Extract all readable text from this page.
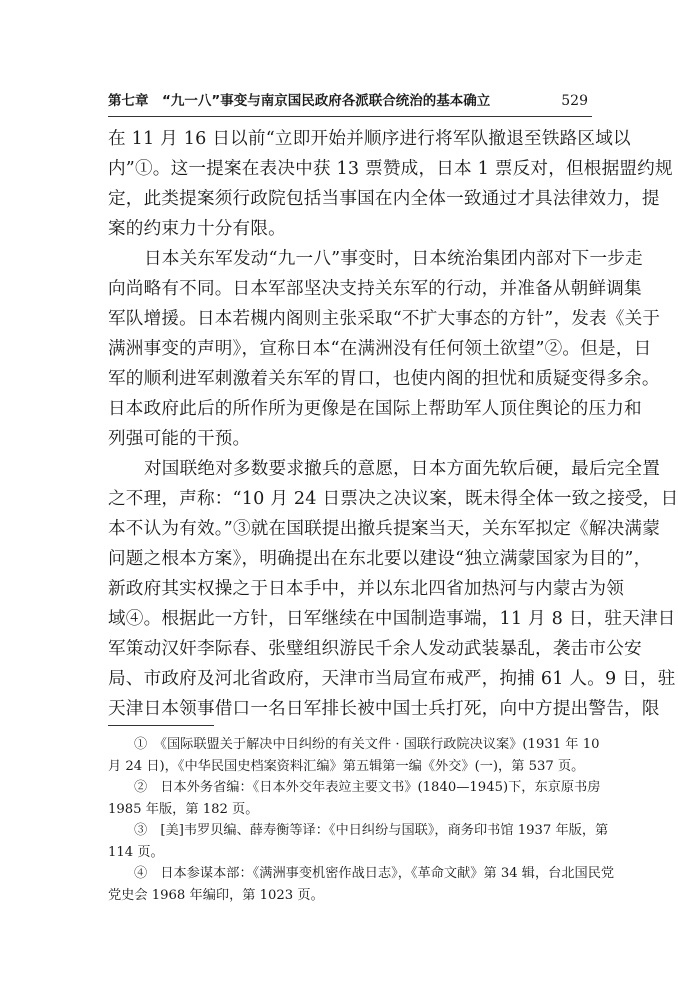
第七章　“九一八”事变与南京国民政府各派联合统治的基本确立	529
在 11 月 16 日以前“立即开始并顺序进行将军队撤退至铁路区域以
内”①。这一提案在表决中获 13 票赞成，日本 1 票反对，但根据盟约规
定，此类提案须行政院包括当事国在内全体一致通过才具法律效力，提
案的约束力十分有限。
日本关东军发动“九一八”事变时，日本统治集团内部对下一步走
向尚略有不同。日本军部坚决支持关东军的行动，并准备从朝鲜调集
军队增援。日本若槻内阁则主张采取“不扩大事态的方针”，发表《关于
满洲事变的声明》，宣称日本“在满洲没有任何领土欲望”②。但是，日
军的顺利进军刺激着关东军的胃口，也使内阁的担忧和质疑变得多余。
日本政府此后的所作所为更像是在国际上帮助军人顶住舆论的压力和
列强可能的干预。
对国联绝对多数要求撤兵的意愿，日本方面先软后硬，最后完全置
之不理，声称：“10 月 24 日票决之决议案，既未得全体一致之接受，日
本不认为有效。”③就在国联提出撤兵提案当天，关东军拟定《解决满蒙
问题之根本方案》，明确提出在东北要以建设“独立满蒙国家为目的”，
新政府其实权操之于日本手中，并以东北四省加热河与内蒙古为领
域④。根据此一方针，日军继续在中国制造事端，11 月 8 日，驻天津日
军策动汉奸李际春、张璧组织游民千余人发动武装暴乱，袭击市公安
局、市政府及河北省政府，天津市当局宣布戒严，拘捕 61 人。9 日，驻
天津日本领事借口一名日军排长被中国士兵打死，向中方提出警告，限
①　《国际联盟关于解决中日纠纷的有关文件 · 国联行政院决议案》(1931 年 10
月 24 日)，《中华民国史档案资料汇编》第五辑第一编《外交》(一)，第 537 页。
②　日本外务省编：《日本外交年表竝主要文书》(1840—1945)下，东京原书房
1985 年版，第 182 页。
③　[美]韦罗贝编、薛寿衡等译：《中日纠纷与国联》，商务印书馆 1937 年版，第
114 页。
④　日本参谋本部：《满洲事变机密作战日志》，《革命文献》第 34 辑，台北国民党
党史会 1968 年编印，第 1023 页。
